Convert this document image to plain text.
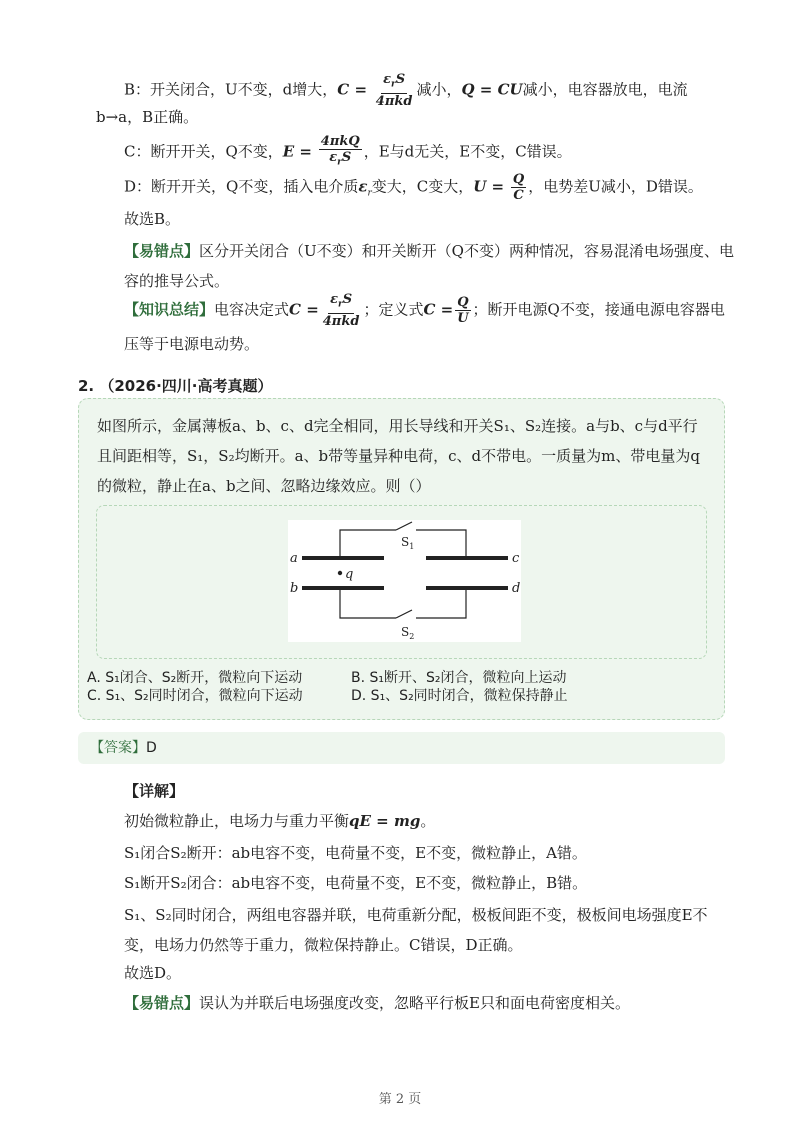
B：开关闭合，U不变，d增大，$C = \frac{\varepsilon_rS}{\text{4πkd}}$ 减小，Q = CU减小，电容器放电，电流
b→a，B正确。
C：断开开关，Q不变，$E = \frac{\text{4πkQ}}{\varepsilon_rS}$ ，E与d无关，E不变，C错误。
D：断开开关，Q不变，插入电介质$\varepsilon_r$变大，C变大，$U = \frac{Q}{C}$ ，电势差U减小，D错误。
故选B。
【易错点】区分开关闭合（U不变）和开关断开（Q不变）两种情况，容易混淆电场强度、电容的推导公式。
【知识总结】电容决定式$C = \frac{\varepsilon_rS}{\text{4πkd}}$ ；定义式$C = \frac{Q}{U}$ ；断开电源Q不变，接通电源电容器电压等于电源电动势。
2. （2026·四川·高考真题）
如图所示，金属薄板a、b、c、d完全相同，用长导线和开关S₁、S₂连接。a与b、c与d平行且间距相等，S₁，S₂均断开。a、b带等量异种电荷，c、d不带电。一质量为m、带电量为q的微粒，静止在a、b之间、忽略边缘效应。则（）
a
b
c
d
q
$S_1$
$S_2$
A. S₁闭合、S₂断开，微粒向下运动	B. S₁断开、S₂闭合，微粒向上运动
C. S₁、S₂同时闭合，微粒向下运动	D. S₁、S₂同时闭合，微粒保持静止
【答案】D
【详解】
初始微粒静止，电场力与重力平衡qE = mg。
S₁闭合S₂断开：ab电容不变，电荷量不变，E不变，微粒静止，A错。
S₁断开S₂闭合：ab电容不变，电荷量不变，E不变，微粒静止，B错。
S₁、S₂同时闭合，两组电容器并联，电荷重新分配，极板间距不变，极板间电场强度E不变，电场力仍然等于重力，微粒保持静止。C错误，D正确。
故选D。
【易错点】误认为并联后电场强度改变，忽略平行板E只和面电荷密度相关。
第 2 页
